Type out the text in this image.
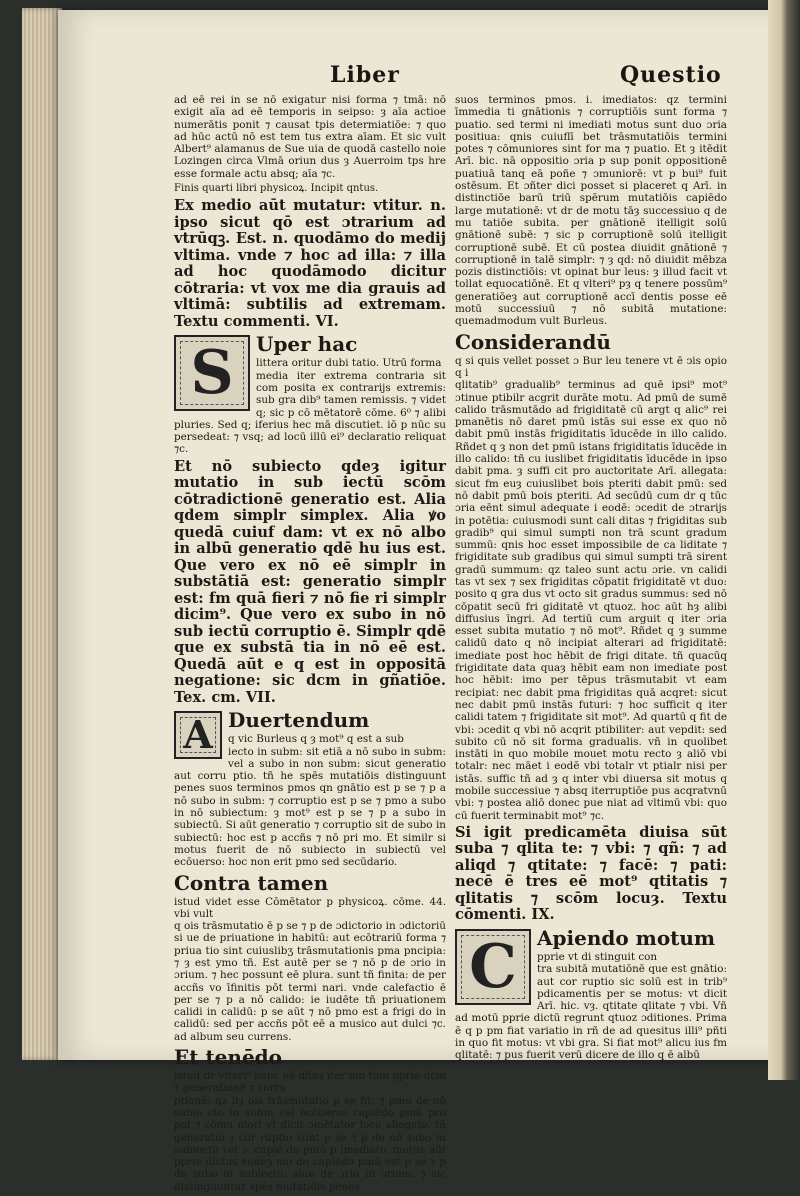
Liber	Questio

ad eē rei in se nō exigatur nisi forma ⁊ tmā: nō exigit aīa ad eē temporis in seipso: ȝ aīa actioe numerātis ponit ⁊ causat tpis determiatiōe: ⁊ quo ad hūc actū nō est tem tus extra aīam. Et sic vult Albert⁹ alamanus de Sue uia de quodā castello noie Lozingen circa Vlmā oriun dus ȝ Auerroim tps hre esse formale actu absq; aīa ⁊c.

Finis quarti libri physicoꝝ. Incipit qntus.

Ex medio aūt mutatur: vtitur. n. ipso sicut qō est ɔtrarium ad vtrūqꝫ. Est. n. quodāmo do medij vltima. vnde ⁊ hoc ad illa: ⁊ illa ad hoc quodāmodo dicitur cōtraria: vt vox me dia grauis ad vltimā: subtilis ad extremam. Textu commenti. VI.

S	Uper hac
littera oritur dubi tatio. Utrū forma

media iter extrema contraria sit com posita ex contrarijs extremis: sub gra dib⁹ tamen remissis. ⁊ videt q; sic p cō mētatorē cōme. 6⁰ ⁊ alibi pluries. Sed q; iferius hec mā discutiet. iō p nūc su persedeat: ⁊ vsq; ad locū illū ei⁹ declaratio reliquat ⁊c.

Et nō subiecto qdeȝ igitur mutatio in sub iectū scōm cōtradictionē generatio est. Alia qdem simplr simplex. Alia ꝟo quedā cuiuf dam: vt ex nō albo in albū generatio qdē hu ius est. Que vero ex nō eē simplr in substātiā est: generatio simplr est: fm quā fieri ⁊ nō fie ri simplr dicim⁹. Que vero ex subo in nō sub iectū corruptio ē. Simplr qdē que ex substā tia in nō eē est. Quedā aūt e q est in oppositā negatione: sic dcm in gñatiōe. Tex. cm. VII.

A Duertendum
q vic Burleus q ȝ mot⁹ q est a sub

iecto in subm: sit etiā a nō subo in subm: vel a subo in non subm: sicut generatio aut corru ptio. tñ he spēs mutatiōis distinguunt penes suos terminos pmos qn gnātio est p se ⁊ p a nō subo in subm: ⁊ corruptio est p se ⁊ pmo a subo in nō subiectum: ȝ mot⁹ est p se ⁊ p a subo in subiectū. Si aūt generatio ⁊ corruptio sit de subo in subiectū: hoc est p accñs ⁊ nō pri mo. Et similr si motus fuerit de nō subiecto in subiectū vel ecōuerso: hoc non erit pmo sed secūdario.

Contra tamen
istud videt esse Cōmētator p physicoꝝ. cōme. 44. vbi vult

q ois trāsmutatio ē p se ⁊ p de ɔdictorio in ɔdictoriū si ue de priuatione in habitū: aut ecōtrariū forma ⁊ priua tio sint cuiuslibʒ trāsmutationis pma pncipia: ⁊ ȝ est ymo tñ. Est autē per se ⁊ nō p de ɔrio in ɔrium. ⁊ hec possunt eē plura. sunt tñ finita: de per accñs vo īfinitis pōt termi nari. vnde calefactio ē per se ⁊ p a nō calido: ie iudēte tñ priuationem calidi in calidū: p se aūt ⁊ nō pmo est a frigi do in calidū: sed per accñs pōt eē a musico aut dulci ⁊c. ad album seu currens.

Et tenēdo
istud dr vlteri⁹ hanc eē dñaȝ iter mo tum pprie dcm ⁊ generationē ⁊ corru

ptionē: qz ilȝ ois trāsmutatio p se fit: ⁊ pmo de nō subie cto in subm vel ecōuerso capiēdo pmū pro pot ⁊ cōmu niori vt dicit ɔmētator loco allegato. tñ generatio ⁊ cor ruptio sunt p se ⁊ p de nō subo in subiectū vel ɔ: capiē do pmū p imediato. motus aūt pprie dictus eodeȝ mo do capiēdo pmū est p se ⁊ p de subo in subiectū: siue de ɔrio in ɔrium. ⁊ sic distinguuntur spēs mutatiōis penes

suos terminos pmos. i. imediatos: qz termini īmmedia ti gnātionis ⁊ corruptiōis sunt forma ⁊ puatio. sed termi ni imediati motus sunt duo ɔria positiua: qnis cuiuflī bet trāsmutatiōis termini potes ⁊ cōmuniores sint for ma ⁊ puatio. Et ȝ itēdit Arī. bic. nā oppositio ɔria p sup ponit oppositionē puatiuā tanq eā poñe ⁊ ɔmuniorē: vt p bui⁹ fuit ostēsum. Et ɔñter dici posset si placeret q Arī. in distinctiōe barū triū spērum mutatiōis capiēdo large mutationē: vt dr de motu tāȝ successiuo q de mu tatiōe subita. per gnātionē itelligit solū gnātionē subē: ⁊ sic p corruptionē solū itelligit corruptionē subē. Et cū postea diuidit gnātionē ⁊ corruptionē in talē simplr: ⁊ ȝ qd: nō diuidit mēbza pozis distinctiōis: vt opinat bur leus: ȝ illud facit vt tollat equocatiōnē. Et q vlteri⁹ pȝ q tenere possūm⁹ generatiōeȝ aut corruptionē accī dentis posse eē motū successiuū ⁊ nō subitā mutatione: quemadmodum vult Burleus.

Considerandū
q si quis vellet posset ɔ Bur leu tenere vt ē ↄis opio q i

qlitatib⁹ gradualib⁹ terminus ad quē ipsi⁹ mot⁹ ɔtinue ptibilr acgrit durāte motu. Ad pmū de sumē calido trāsmutādo ad frigiditatē cū argt q alic⁹ rei pmanētis nō daret pmū istās sui esse ex quo nō dabit pmū instās frigiditatis īducēde in illo calido. Rñdet q ȝ non det pmū istans frigiditatis īducēde in illo calido: tñ cu iuslibet frigiditatis īducēde in ipso dabit pma. ȝ suffi cit pro auctoritate Arī. allegata: sicut fm euȝ cuiuslibet bois pteriti dabit pmū: sed nō dabit pmū bois pteriti. Ad secūdū cum dr q tūc ɔria eēnt simul adequate i eodē: ɔcedit de ɔtrarijs in potētia: cuiusmodi sunt cali ditas ⁊ frigiditas sub gradib⁹ qui simul sumpti non trā scunt gradum summū: qnis hoc esset impossibile de ca liditate ⁊ frigiditate sub gradibus qui simul sumpti trā sirent gradū summum: qz taleo sunt actu ɔrie. vn calidi tas vt sex ⁊ sex frigiditas cōpatit frigiditatē vt duo: posito q gra dus vt octo sit gradus summus: sed nō cōpatit secū fri giditatē vt qtuoz. hoc aūt hȝ alibi diffusius īngri. Ad tertiū cum arguit q iter ɔria esset subita mutatio ⁊ nō mot⁹. Rñdet q ȝ summe calidū dato q nō incipiat alterari ad frigiditatē: imediate post hoc hēbit de frigi ditate. tñ quacūq frigiditate data quaȝ hēbit eam non imediate post hoc hēbit: imo per tēpus trāsmutabit vt eam recipiat: nec dabit pma frigiditas quā acqret: sicut nec dabit pmū instās futuri: ⁊ hoc sufficit q iter calidi tatem ⁊ frigiditate sit mot⁹. Ad quartū q fit de vbi: ɔcedit q vbi nō acqrit ptibiliter: aut vepdit: sed subito cū nō sit forma gradualis. vñ in quolibet instāti in quo mobile mouet motu recto ȝ aliō vbi totalr: nec māet i eodē vbi totalr vt ptialr nisi per istās. suffic tñ ad ȝ q inter vbi diuersa sit motus q mobile successiue ⁊ absq iterruptiōe pus acqratvnū vbi: ⁊ postea aliō donec pue niat ad vltimū vbi: quo cū fuerit terminabit mot⁹ ⁊c.

Si igit predicamēta diuisa sūt suba ⁊ qlita te: ⁊ vbi: ⁊ qñ: ⁊ ad aliqd ⁊ qtitate: ⁊ facē: ⁊ pati: necē ē tres eē mot⁹ qtitatis ⁊ qlitatis ⁊ scōm locuȝ. Textu cōmenti. IX.

C	Apiendo motum
pprie vt di stinguit con

tra subitā mutatiōnē que est gnātio: aut cor ruptio sic solū est in trib⁹ pdicamentis per se motus: vt dicit Arī. hic. vȝ. qtitate qlitate ⁊ vbi. Vñ ad motū pprie dictū regrunt qtuoz ɔditiones. Prima ē q p pm fiat variatio in rñ de ad quesitus illi⁹ pñti in quo fit motus: vt vbi gra. Si fiat mot⁹ alicu ius fm qlitatē: ⁊ pus fuerit verū dicere de illo q ē albū
